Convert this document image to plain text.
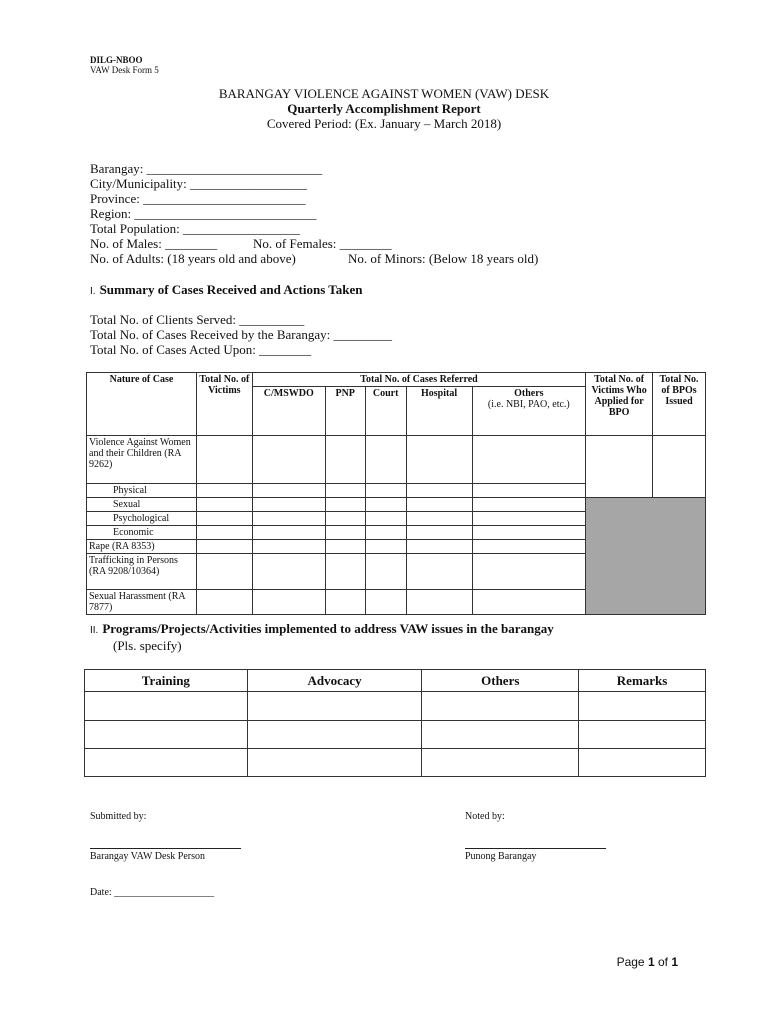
DILG-NBOO
VAW Desk Form 5
BARANGAY VIOLENCE AGAINST WOMEN (VAW) DESK
Quarterly Accomplishment Report
Covered Period: (Ex. January – March 2018)
Barangay: ___________________________
City/Municipality: __________________
Province: _________________________
Region: ____________________________
Total Population: __________________
No. of Males: ________	No. of Females: ________
No. of Adults: (18 years old and above)	No. of Minors: (Below 18 years old)
I. Summary of Cases Received and Actions Taken
Total No. of Clients Served: __________
Total No. of Cases Received by the Barangay: _________
Total No. of Cases Acted Upon: ________
Nature of Case	Total No. of Victims	Total No. of Cases Referred					Total No. of Victims Who Applied for BPO	Total No. of BPOs Issued
		C/MSWDO	PNP	Court	Hospital	Others
(i.e. NBI, PAO, etc.)		
Violence Against Women and their Children (RA 9262)								
Physical								
Sexual								
Psychological								
Economic								
Rape (RA 8353)								
Trafficking in Persons (RA 9208/10364)								
Sexual Harassment (RA 7877)								
II. Programs/Projects/Activities implemented to address VAW issues in the barangay
(Pls. specify)
Training	Advocacy	Others	Remarks

Submitted by:	Noted by:
Barangay VAW Desk Person	Punong Barangay
Date: ____________________
Page 1 of 1
